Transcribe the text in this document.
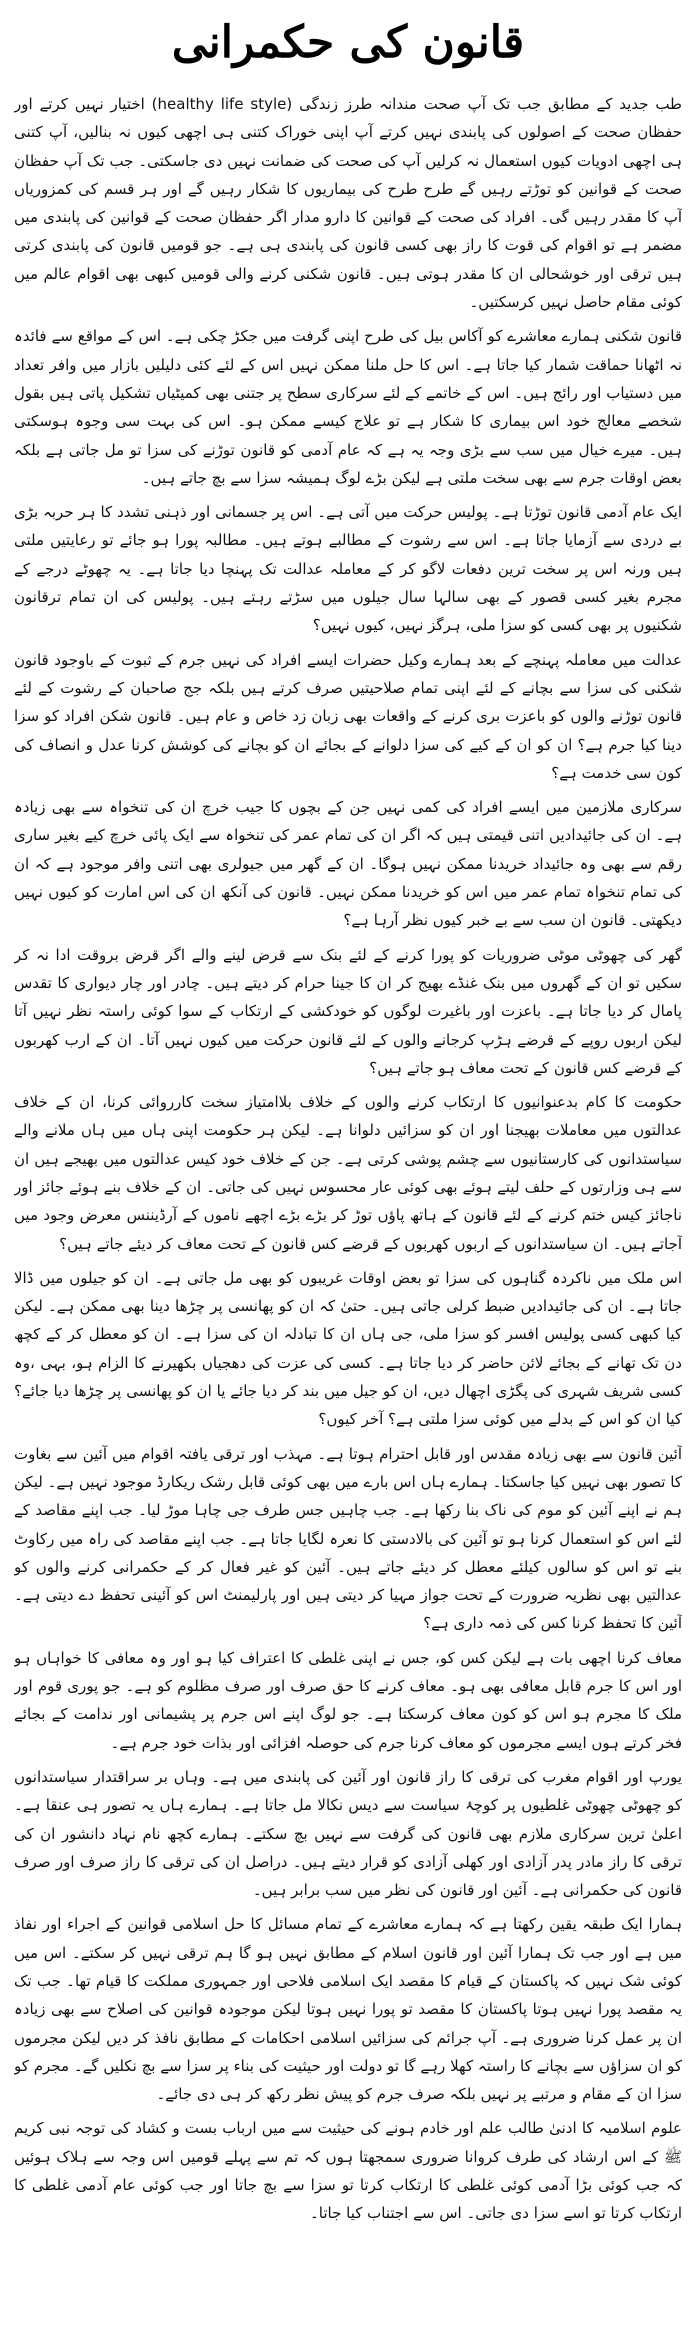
قانون کی حکمرانی

طب جدید کے مطابق جب تک آپ صحت مندانہ طرز زندگی (healthy life style) اختیار نہیں کرتے اور حفظان صحت کے اصولوں کی پابندی نہیں کرتے آپ اپنی خوراک کتنی ہی اچھی کیوں نہ بنالیں، آپ کتنی ہی اچھی ادویات کیوں استعمال نہ کرلیں آپ کی صحت کی ضمانت نہیں دی جاسکتی۔ جب تک آپ حفظان صحت کے قوانین کو توڑتے رہیں گے طرح طرح کی بیماریوں کا شکار رہیں گے اور ہر قسم کی کمزوریاں آپ کا مقدر رہیں گی۔ افراد کی صحت کے قوانین کا دارو مدار اگر حفظان صحت کے قوانین کی پابندی میں مضمر ہے تو اقوام کی قوت کا راز بھی کسی قانون کی پابندی ہی ہے۔ جو قومیں قانون کی پابندی کرتی ہیں ترقی اور خوشحالی ان کا مقدر ہوتی ہیں۔ قانون شکنی کرنے والی قومیں کبھی بھی اقوام عالم میں کوئی مقام حاصل نہیں کرسکتیں۔

قانون شکنی ہمارے معاشرے کو آکاس بیل کی طرح اپنی گرفت میں جکڑ چکی ہے۔ اس کے مواقع سے فائدہ نہ اٹھانا حماقت شمار کیا جاتا ہے۔ اس کا حل ملنا ممکن نہیں اس کے لئے کئی دلیلیں بازار میں وافر تعداد میں دستیاب اور رائج ہیں۔ اس کے خاتمے کے لئے سرکاری سطح پر جتنی بھی کمیٹیاں تشکیل پاتی ہیں بقول شخصے معالج خود اس بیماری کا شکار ہے تو علاج کیسے ممکن ہو۔ اس کی بہت سی وجوہ ہوسکتی ہیں۔ میرے خیال میں سب سے بڑی وجہ یہ ہے کہ عام آدمی کو قانون توڑنے کی سزا تو مل جاتی ہے بلکہ بعض اوقات جرم سے بھی سخت ملتی ہے لیکن بڑے لوگ ہمیشہ سزا سے بچ جاتے ہیں۔

ایک عام آدمی قانون توڑتا ہے۔ پولیس حرکت میں آتی ہے۔ اس پر جسمانی اور ذہنی تشدد کا ہر حربہ بڑی بے دردی سے آزمایا جاتا ہے۔ اس سے رشوت کے مطالبے ہوتے ہیں۔ مطالبہ پورا ہو جائے تو رعایتیں ملتی ہیں ورنہ اس پر سخت ترین دفعات لاگو کر کے معاملہ عدالت تک پہنچا دیا جاتا ہے۔ یہ چھوٹے درجے کے مجرم بغیر کسی قصور کے بھی سالہا سال جیلوں میں سڑتے رہتے ہیں۔ پولیس کی ان تمام ترقانون شکنیوں پر بھی کسی کو سزا ملی، ہرگز نہیں، کیوں نہیں؟

عدالت میں معاملہ پہنچے کے بعد ہمارے وکیل حضرات ایسے افراد کی نہیں جرم کے ثبوت کے باوجود قانون شکنی کی سزا سے بچانے کے لئے اپنی تمام صلاحیتیں صرف کرتے ہیں بلکہ جج صاحبان کے رشوت کے لئے قانون توڑنے والوں کو باعزت بری کرنے کے واقعات بھی زبان زد خاص و عام ہیں۔ قانون شکن افراد کو سزا دینا کیا جرم ہے؟ ان کو ان کے کیے کی سزا دلوانے کے بجائے ان کو بچانے کی کوشش کرنا عدل و انصاف کی کون سی خدمت ہے؟

سرکاری ملازمین میں ایسے افراد کی کمی نہیں جن کے بچوں کا جیب خرچ ان کی تنخواہ سے بھی زیادہ ہے۔ ان کی جائیدادیں اتنی قیمتی ہیں کہ اگر ان کی تمام عمر کی تنخواہ سے ایک پائی خرچ کیے بغیر ساری رقم سے بھی وہ جائیداد خریدنا ممکن نہیں ہوگا۔ ان کے گھر میں جیولری بھی اتنی وافر موجود ہے کہ ان کی تمام تنخواہ تمام عمر میں اس کو خریدنا ممکن نہیں۔ قانون کی آنکھ ان کی اس امارت کو کیوں نہیں دیکھتی۔ قانون ان سب سے بے خبر کیوں نظر آرہا ہے؟

گھر کی چھوٹی موٹی ضروریات کو پورا کرنے کے لئے بنک سے قرض لینے والے اگر قرض بروقت ادا نہ کر سکیں تو ان کے گھروں میں بنک غنڈے بھیج کر ان کا جینا حرام کر دیتے ہیں۔ چادر اور چار دیواری کا تقدس پامال کر دیا جاتا ہے۔ باعزت اور باغیرت لوگوں کو خودکشی کے ارتکاب کے سوا کوئی راستہ نظر نہیں آتا لیکن اربوں روپے کے قرضے ہڑپ کرجانے والوں کے لئے قانون حرکت میں کیوں نہیں آتا۔ ان کے ارب کھربوں کے قرضے کس قانون کے تحت معاف ہو جاتے ہیں؟

حکومت کا کام بدعنوانیوں کا ارتکاب کرنے والوں کے خلاف بلاامتیاز سخت کارروائی کرنا، ان کے خلاف عدالتوں میں معاملات بھیجنا اور ان کو سزائیں دلوانا ہے۔ لیکن ہر حکومت اپنی ہاں میں ہاں ملانے والے سیاستدانوں کی کارستانیوں سے چشم پوشی کرتی ہے۔ جن کے خلاف خود کیس عدالتوں میں بھیجے ہیں ان سے ہی وزارتوں کے حلف لیتے ہوئے بھی کوئی عار محسوس نہیں کی جاتی۔ ان کے خلاف بنے ہوئے جائز اور ناجائز کیس ختم کرنے کے لئے قانون کے ہاتھ پاؤں توڑ کر بڑے بڑے اچھے ناموں کے آرڈیننس معرض وجود میں آجاتے ہیں۔ ان سیاستدانوں کے اربوں کھربوں کے قرضے کس قانون کے تحت معاف کر دیئے جاتے ہیں؟

اس ملک میں ناکردہ گناہوں کی سزا تو بعض اوقات غریبوں کو بھی مل جاتی ہے۔ ان کو جیلوں میں ڈالا جاتا ہے۔ ان کی جائیدادیں ضبط کرلی جاتی ہیں۔ حتیٰ کہ ان کو پھانسی پر چڑھا دینا بھی ممکن ہے۔ لیکن کیا کبھی کسی پولیس افسر کو سزا ملی، جی ہاں ان کا تبادلہ ان کی سزا ہے۔ ان کو معطل کر کے کچھ دن تک تھانے کے بجائے لائن حاضر کر دیا جاتا ہے۔ کسی کی عزت کی دھجیاں بکھیرنے کا الزام ہو، بہی ،وہ کسی شریف شہری کی پگڑی اچھال دیں، ان کو جیل میں بند کر دیا جائے یا ان کو پھانسی پر چڑھا دیا جائے؟ کیا ان کو اس کے بدلے میں کوئی سزا ملتی ہے؟ آخر کیوں؟

آئین قانون سے بھی زیادہ مقدس اور قابل احترام ہوتا ہے۔ مہذب اور ترقی یافتہ اقوام میں آئین سے بغاوت کا تصور بھی نہیں کیا جاسکتا۔ ہمارے ہاں اس بارے میں بھی کوئی قابل رشک ریکارڈ موجود نہیں ہے۔ لیکن ہم نے اپنے آئین کو موم کی ناک بنا رکھا ہے۔ جب چاہیں جس طرف جی چاہا موڑ لیا۔ جب اپنے مقاصد کے لئے اس کو استعمال کرنا ہو تو آئین کی بالادستی کا نعرہ لگایا جاتا ہے۔ جب اپنے مقاصد کی راہ میں رکاوٹ بنے تو اس کو سالوں کیلئے معطل کر دیئے جاتے ہیں۔ آئین کو غیر فعال کر کے حکمرانی کرنے والوں کو عدالتیں بھی نظریہ ضرورت کے تحت جواز مہیا کر دیتی ہیں اور پارلیمنٹ اس کو آئینی تحفظ دے دیتی ہے۔ آئین کا تحفظ کرنا کس کی ذمہ داری ہے؟

معاف کرنا اچھی بات ہے لیکن کس کو، جس نے اپنی غلطی کا اعتراف کیا ہو اور وہ معافی کا خواہاں ہو اور اس کا جرم قابل معافی بھی ہو۔ معاف کرنے کا حق صرف اور صرف مظلوم کو ہے۔ جو پوری قوم اور ملک کا مجرم ہو اس کو کون معاف کرسکتا ہے۔ جو لوگ اپنے اس جرم پر پشیمانی اور ندامت کے بجائے فخر کرتے ہوں ایسے مجرموں کو معاف کرنا جرم کی حوصلہ افزائی اور بذات خود جرم ہے۔

یورپ اور اقوام مغرب کی ترقی کا راز قانون اور آئین کی پابندی میں ہے۔ وہاں بر سراقتدار سیاستدانوں کو چھوٹی چھوٹی غلطیوں پر کوچۂ سیاست سے دیس نکالا مل جاتا ہے۔ ہمارے ہاں یہ تصور ہی عنقا ہے۔ اعلیٰ ترین سرکاری ملازم بھی قانون کی گرفت سے نہیں بچ سکتے۔ ہمارے کچھ نام نہاد دانشور ان کی ترقی کا راز مادر پدر آزادی اور کھلی آزادی کو قرار دیتے ہیں۔ دراصل ان کی ترقی کا راز صرف اور صرف قانون کی حکمرانی ہے۔ آئین اور قانون کی نظر میں سب برابر ہیں۔

ہمارا ایک طبقہ یقین رکھتا ہے کہ ہمارے معاشرے کے تمام مسائل کا حل اسلامی قوانین کے اجراء اور نفاذ میں ہے اور جب تک ہمارا آئین اور قانون اسلام کے مطابق نہیں ہو گا ہم ترقی نہیں کر سکتے۔ اس میں کوئی شک نہیں کہ پاکستان کے قیام کا مقصد ایک اسلامی فلاحی اور جمہوری مملکت کا قیام تھا۔ جب تک یہ مقصد پورا نہیں ہوتا پاکستان کا مقصد تو پورا نہیں ہوتا لیکن موجودہ قوانین کی اصلاح سے بھی زیادہ ان پر عمل کرنا ضروری ہے۔ آپ جرائم کی سزائیں اسلامی احکامات کے مطابق نافذ کر دیں لیکن مجرموں کو ان سزاؤں سے بچانے کا راستہ کھلا رہے گا تو دولت اور حیثیت کی بناء پر سزا سے بچ نکلیں گے۔ مجرم کو سزا ان کے مقام و مرتبے پر نہیں بلکہ صرف جرم کو پیش نظر رکھ کر ہی دی جائے۔

علوم اسلامیہ کا ادنیٰ طالب علم اور خادم ہونے کی حیثیت سے میں ارباب بست و کشاد کی توجہ نبی کریم ﷺ کے اس ارشاد کی طرف کروانا ضروری سمجھتا ہوں کہ تم سے پہلے قومیں اس وجہ سے ہلاک ہوئیں کہ جب کوئی بڑا آدمی کوئی غلطی کا ارتکاب کرتا تو سزا سے بچ جاتا اور جب کوئی عام آدمی غلطی کا ارتکاب کرتا تو اسے سزا دی جاتی۔ اس سے اجتناب کیا جاتا۔
